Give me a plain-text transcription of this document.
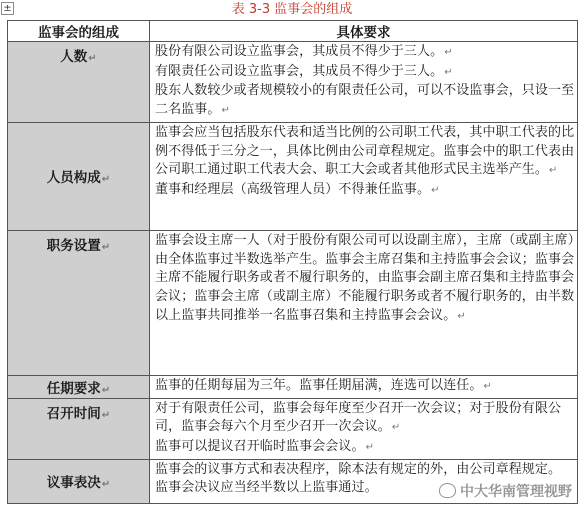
±	表 3-3 监事会的组成
监事会的组成	具体要求
人数↵	股份有限公司设立监事会，其成员不得少于三人。↵

有限责任公司设立监事会，其成员不得少于三人。↵

股东人数较少或者规模较小的有限责任公司，可以不设监事会，只设一至二名监事。↵

人员构成↵	监事会应当包括股东代表和适当比例的公司职工代表，其中职工代表的比例不得低于三分之一，具体比例由公司章程规定。监事会中的职工代表由公司职工通过职工代表大会、职工大会或者其他形式民主选举产生。↵

董事和经理层（高级管理人员）不得兼任监事。↵

职务设置↵	监事会设主席一人（对于股份有限公司可以设副主席），主席（或副主席）由全体监事过半数选举产生。监事会主席召集和主持监事会会议；监事会主席不能履行职务或者不履行职务的，由监事会副主席召集和主持监事会会议；监事会主席（或副主席）不能履行职务或者不履行职务的，由半数以上监事共同推举一名监事召集和主持监事会会议。↵

任期要求↵	监事的任期每届为三年。监事任期届满，连选可以连任。↵

召开时间↵	对于有限责任公司，监事会每年度至少召开一次会议；对于股份有限公司，监事会每六个月至少召开一次会议。↵

监事可以提议召开临时监事会会议。↵

议事表决↵	监事会的议事方式和表决程序，除本法有规定的外，由公司章程规定。

监事会决议应当经半数以上监事通过。	中大华南管理视野
